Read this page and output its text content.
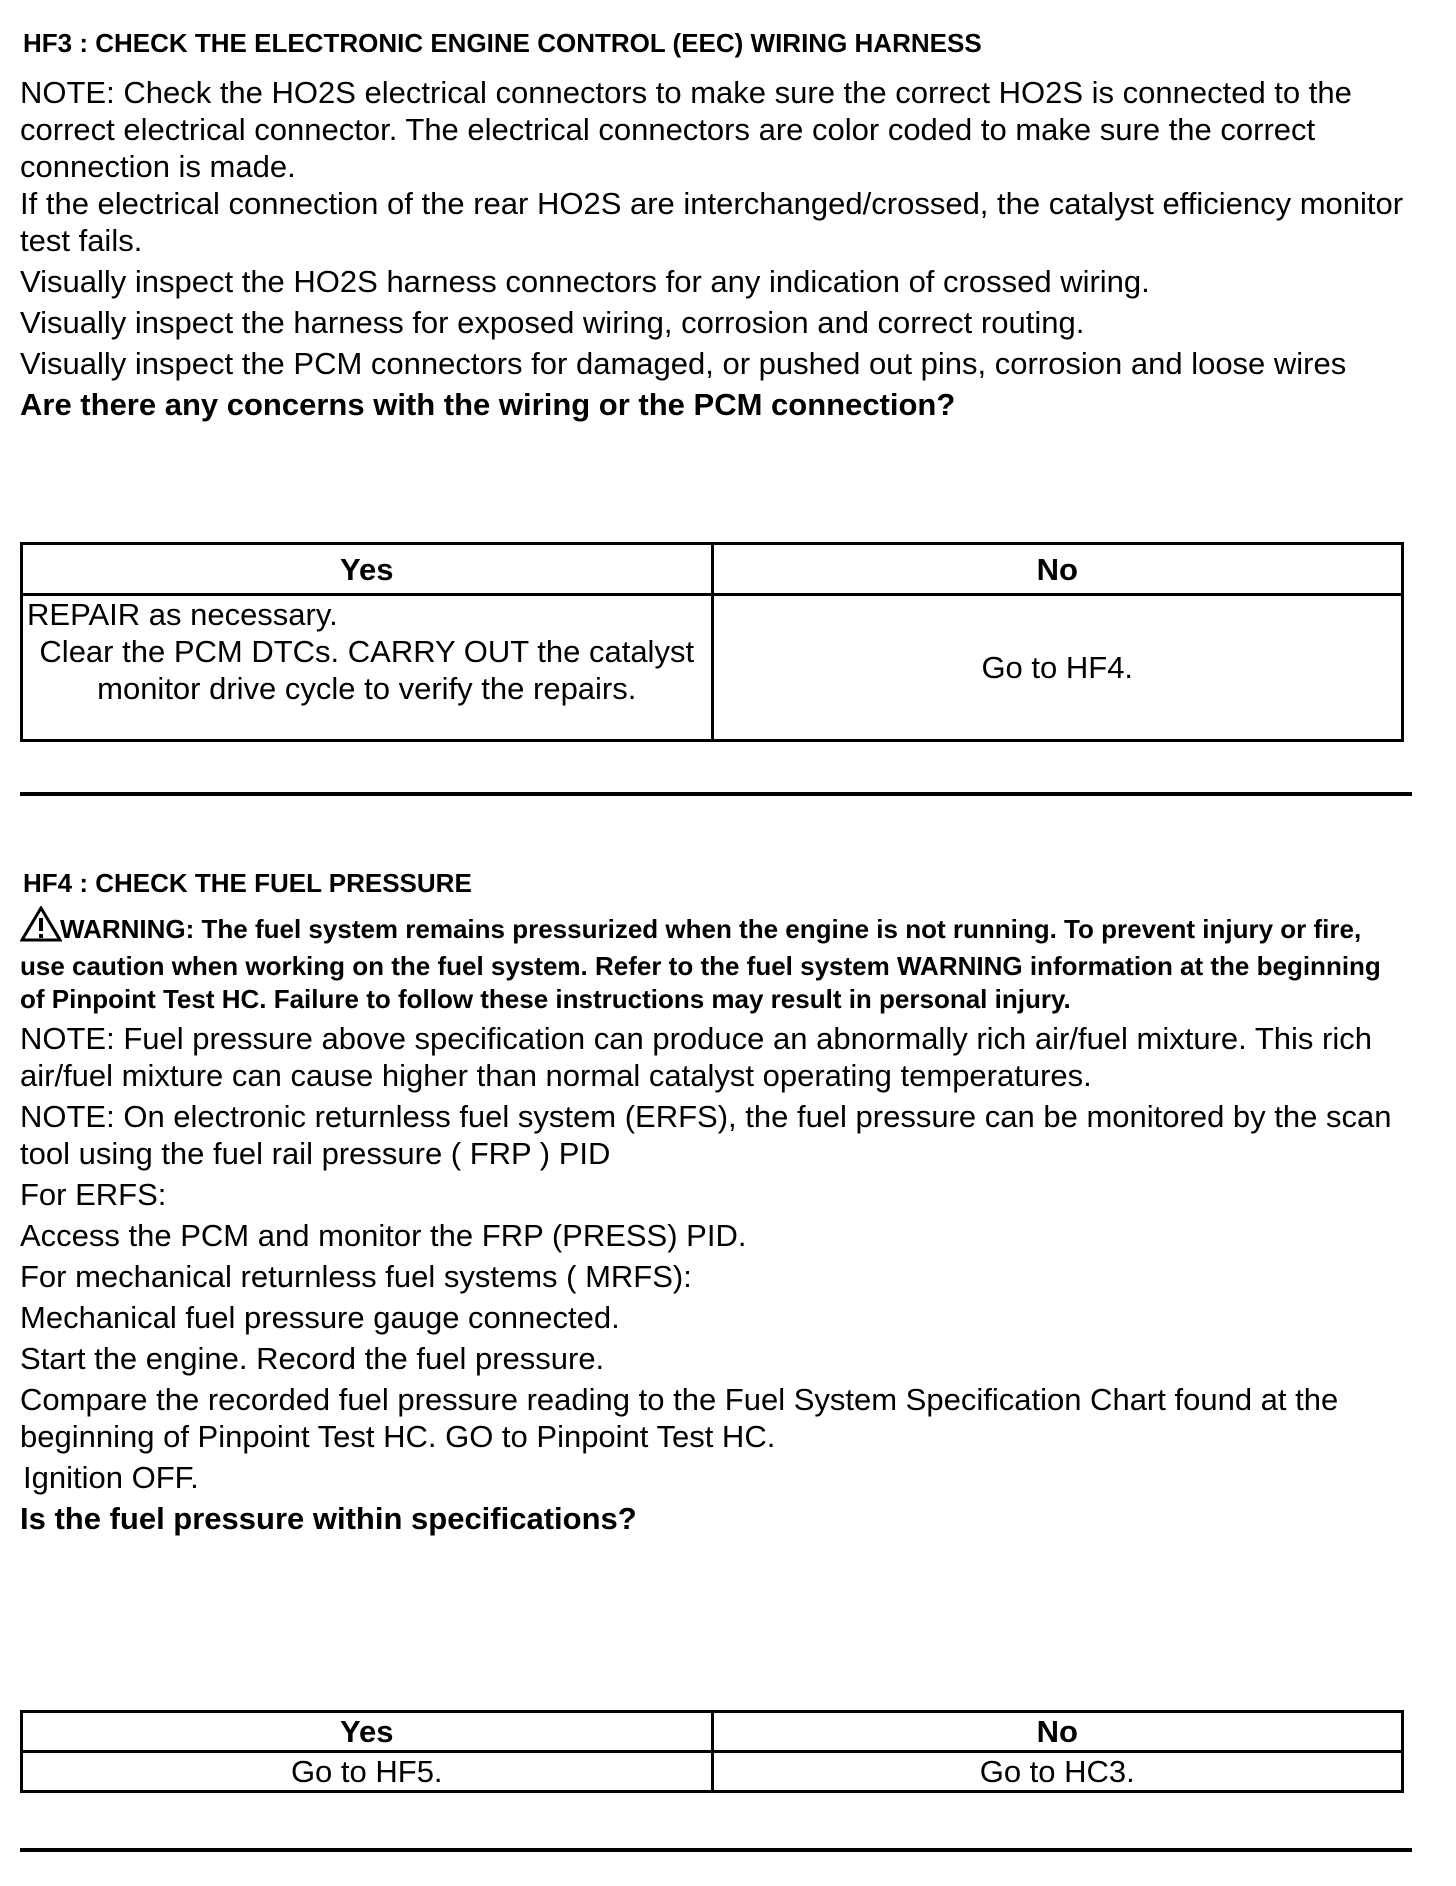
HF3 : CHECK THE ELECTRONIC ENGINE CONTROL (EEC) WIRING HARNESS

NOTE: Check the HO2S electrical connectors to make sure the correct HO2S is connected to the correct electrical connector. The electrical connectors are color coded to make sure the correct connection is made.

If the electrical connection of the rear HO2S are interchanged/crossed, the catalyst efficiency monitor test fails.

Visually inspect the HO2S harness connectors for any indication of crossed wiring.

Visually inspect the harness for exposed wiring, corrosion and correct routing.

Visually inspect the PCM connectors for damaged, or pushed out pins, corrosion and loose wires

Are there any concerns with the wiring or the PCM connection?

Yes	No

REPAIR as necessary.
Clear the PCM DTCs. CARRY OUT the catalyst monitor drive cycle to verify the repairs.	Go to HF4.

HF4 : CHECK THE FUEL PRESSURE

WARNING: The fuel system remains pressurized when the engine is not running. To prevent injury or fire, use caution when working on the fuel system. Refer to the fuel system WARNING information at the beginning of Pinpoint Test HC. Failure to follow these instructions may result in personal injury.

NOTE: Fuel pressure above specification can produce an abnormally rich air/fuel mixture. This rich air/fuel mixture can cause higher than normal catalyst operating temperatures.

NOTE: On electronic returnless fuel system (ERFS), the fuel pressure can be monitored by the scan tool using the fuel rail pressure ( FRP ) PID

For ERFS:

Access the PCM and monitor the FRP (PRESS) PID.

For mechanical returnless fuel systems ( MRFS):

Mechanical fuel pressure gauge connected.

Start the engine. Record the fuel pressure.

Compare the recorded fuel pressure reading to the Fuel System Specification Chart found at the beginning of Pinpoint Test HC. GO to Pinpoint Test HC.

Ignition OFF.

Is the fuel pressure within specifications?

Yes	No
Go to HF5.	Go to HC3.
